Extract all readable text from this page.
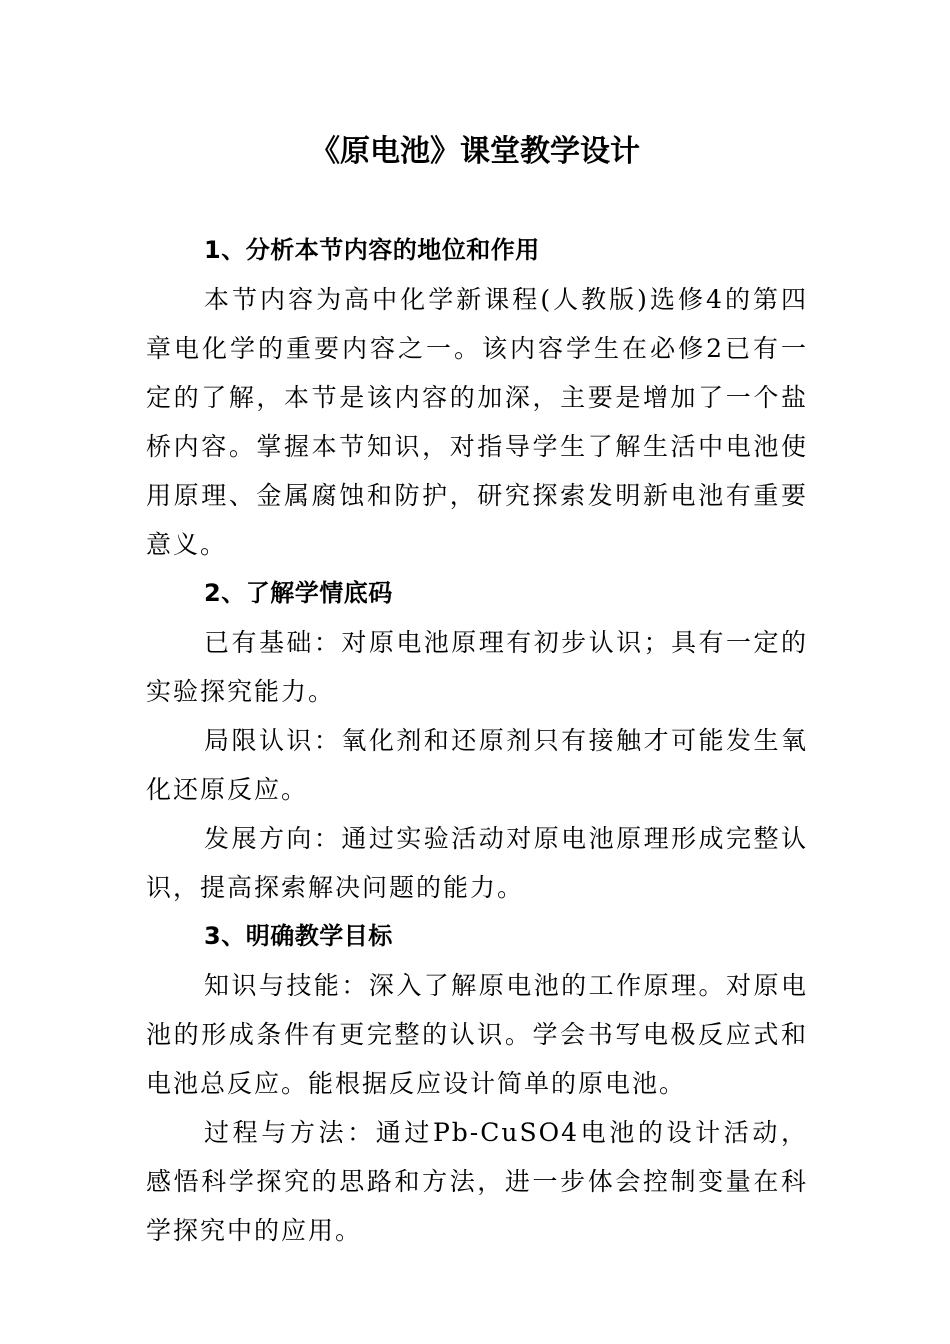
《原电池》课堂教学设计

1、分析本节内容的地位和作用

本节内容为高中化学新课程(人教版)选修4的第四章电化学的重要内容之一。该内容学生在必修2已有一定的了解，本节是该内容的加深，主要是增加了一个盐桥内容。掌握本节知识，对指导学生了解生活中电池使用原理、金属腐蚀和防护，研究探索发明新电池有重要意义。

2、了解学情底码

已有基础：对原电池原理有初步认识；具有一定的实验探究能力。

局限认识：氧化剂和还原剂只有接触才可能发生氧化还原反应。

发展方向：通过实验活动对原电池原理形成完整认识，提高探索解决问题的能力。

3、明确教学目标

知识与技能：深入了解原电池的工作原理。对原电池的形成条件有更完整的认识。学会书写电极反应式和电池总反应。能根据反应设计简单的原电池。

过程与方法：通过Pb-CuSO4电池的设计活动，感悟科学探究的思路和方法，进一步体会控制变量在科学探究中的应用。
